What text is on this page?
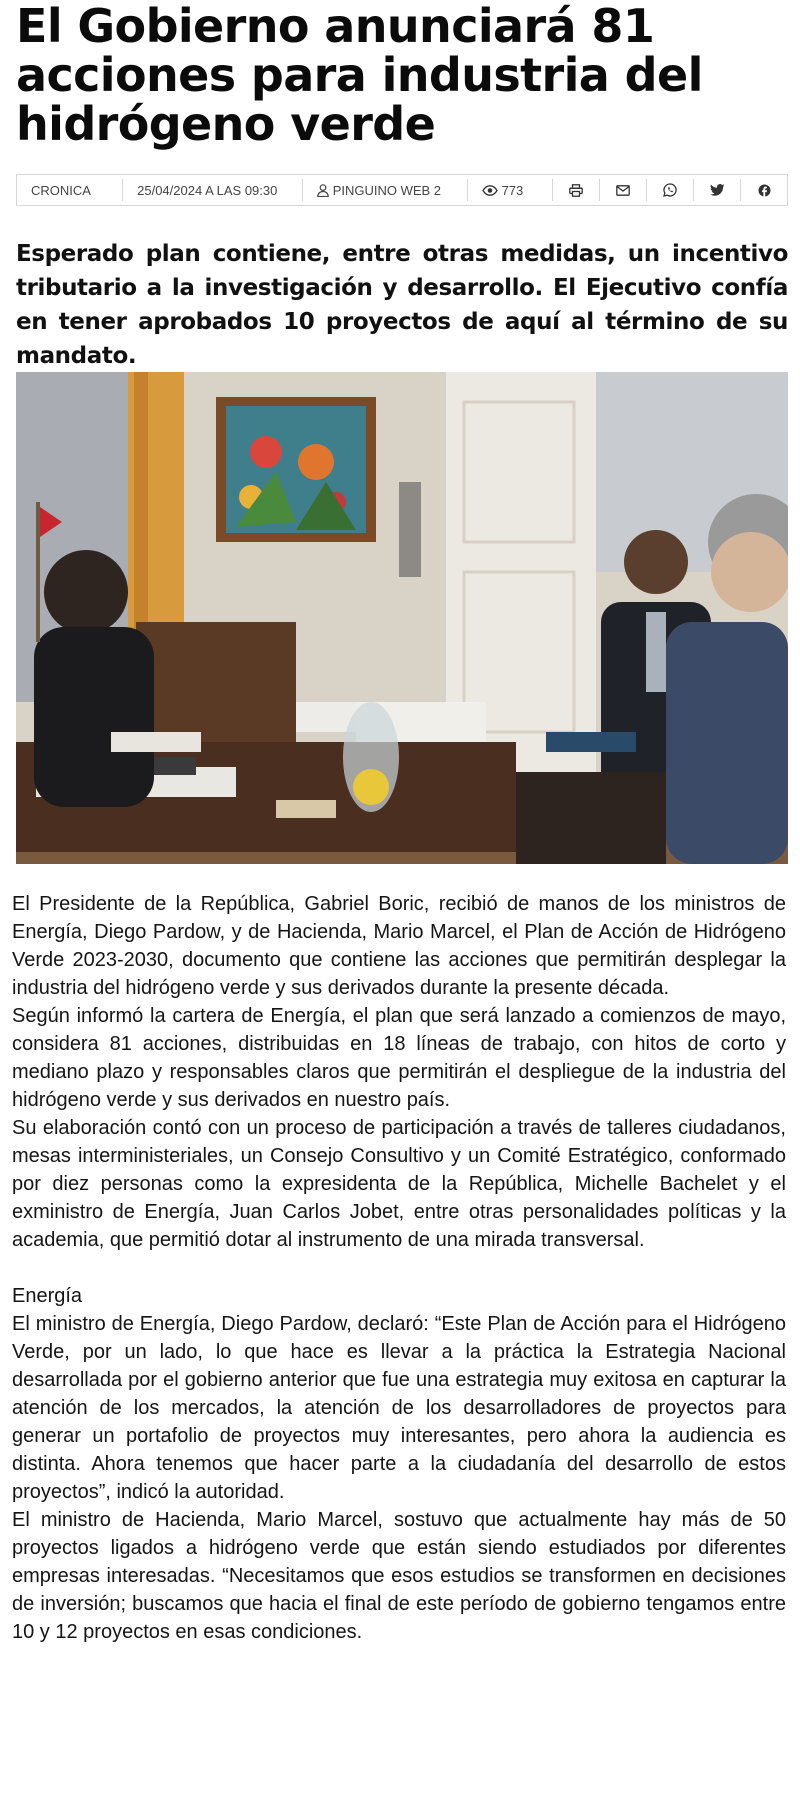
El Gobierno anunciará 81 acciones para industria del hidrógeno verde
CRONICA	25/04/2024 A LAS 09:30	PINGUINO WEB 2	773

Esperado plan contiene, entre otras medidas, un incentivo tributario a la investigación y desarrollo. El Ejecutivo confía en tener aprobados 10 proyectos de aquí al término de su mandato.

El Presidente de la República, Gabriel Boric, recibió de manos de los ministros de Energía, Diego Pardow, y de Hacienda, Mario Marcel, el Plan de Acción de Hidrógeno Verde 2023-2030, documento que contiene las acciones que permitirán desplegar la industria del hidrógeno verde y sus derivados durante la presente década.

Según informó la cartera de Energía, el plan que será lanzado a comienzos de mayo, considera 81 acciones, distribuidas en 18 líneas de trabajo, con hitos de corto y mediano plazo y responsables claros que permitirán el despliegue de la industria del hidrógeno verde y sus derivados en nuestro país.

Su elaboración contó con un proceso de participación a través de talleres ciudadanos, mesas interministeriales, un Consejo Consultivo y un Comité Estratégico, conformado por diez personas como la expresidenta de la República, Michelle Bachelet y el exministro de Energía, Juan Carlos Jobet, entre otras personalidades políticas y la academia, que permitió dotar al instrumento de una mirada transversal.

Energía

El ministro de Energía, Diego Pardow, declaró: “Este Plan de Acción para el Hidrógeno Verde, por un lado, lo que hace es llevar a la práctica la Estrategia Nacional desarrollada por el gobierno anterior que fue una estrategia muy exitosa en capturar la atención de los mercados, la atención de los desarrolladores de proyectos para generar un portafolio de proyectos muy interesantes, pero ahora la audiencia es distinta. Ahora tenemos que hacer parte a la ciudadanía del desarrollo de estos proyectos”, indicó la autoridad.

El ministro de Hacienda, Mario Marcel, sostuvo que actualmente hay más de 50 proyectos ligados a hidrógeno verde que están siendo estudiados por diferentes empresas interesadas. “Necesitamos que esos estudios se transformen en decisiones de inversión; buscamos que hacia el final de este período de gobierno tengamos entre 10 y 12 proyectos en esas condiciones.
